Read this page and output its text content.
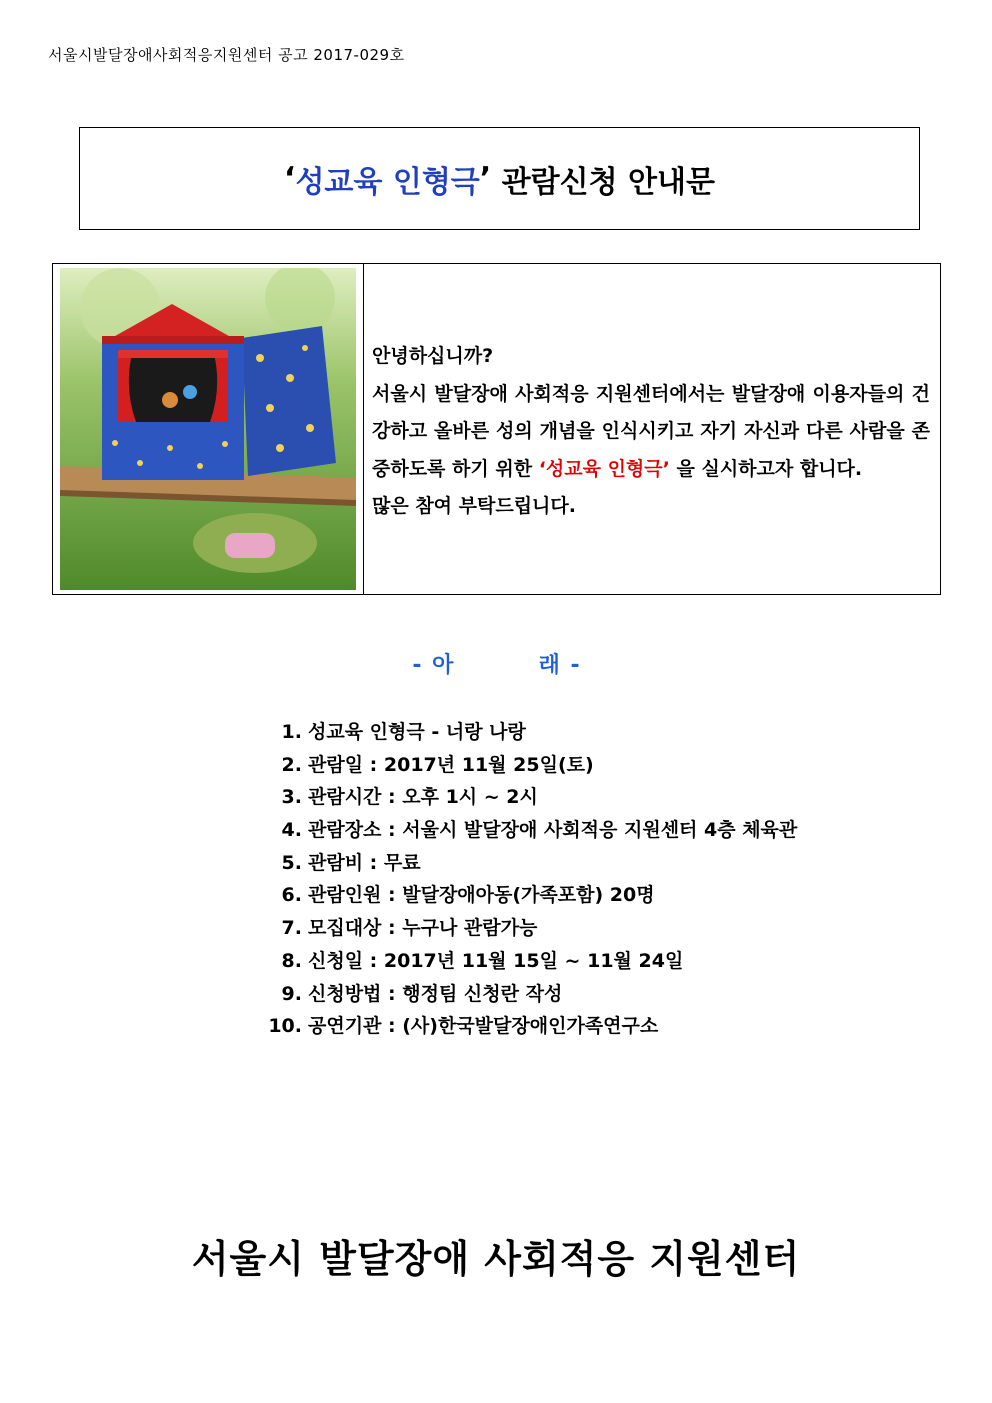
서울시발달장애사회적응지원센터 공고 2017-029호
‘ 성교육 인형극 ’ 관람신청 안내문

안녕하십니까?

서울시 발달장애 사회적응 지원센터에서는 발달장애 이용자들의 건강하고 올바른 성의 개념을 인식시키고 자기 자신과 다른 사람을 존중하도록 하기 위한 ‘성교육 인형극’ 을 실시하고자 합니다.

많은 참여 부탁드립니다.

- 아        래 -
1. 성교육 인형극 - 너랑 나랑
2. 관람일 : 2017년 11월 25일(토)
3. 관람시간 : 오후 1시 ~ 2시
4. 관람장소 : 서울시 발달장애 사회적응 지원센터 4층 체육관
5. 관람비 : 무료
6. 관람인원 : 발달장애아동(가족포함) 20명
7. 모집대상 : 누구나 관람가능
8. 신청일 : 2017년 11월 15일 ~ 11월 24일
9. 신청방법 : 행정팀 신청란 작성
10. 공연기관 : (사)한국발달장애인가족연구소
서울시 발달장애 사회적응 지원센터
